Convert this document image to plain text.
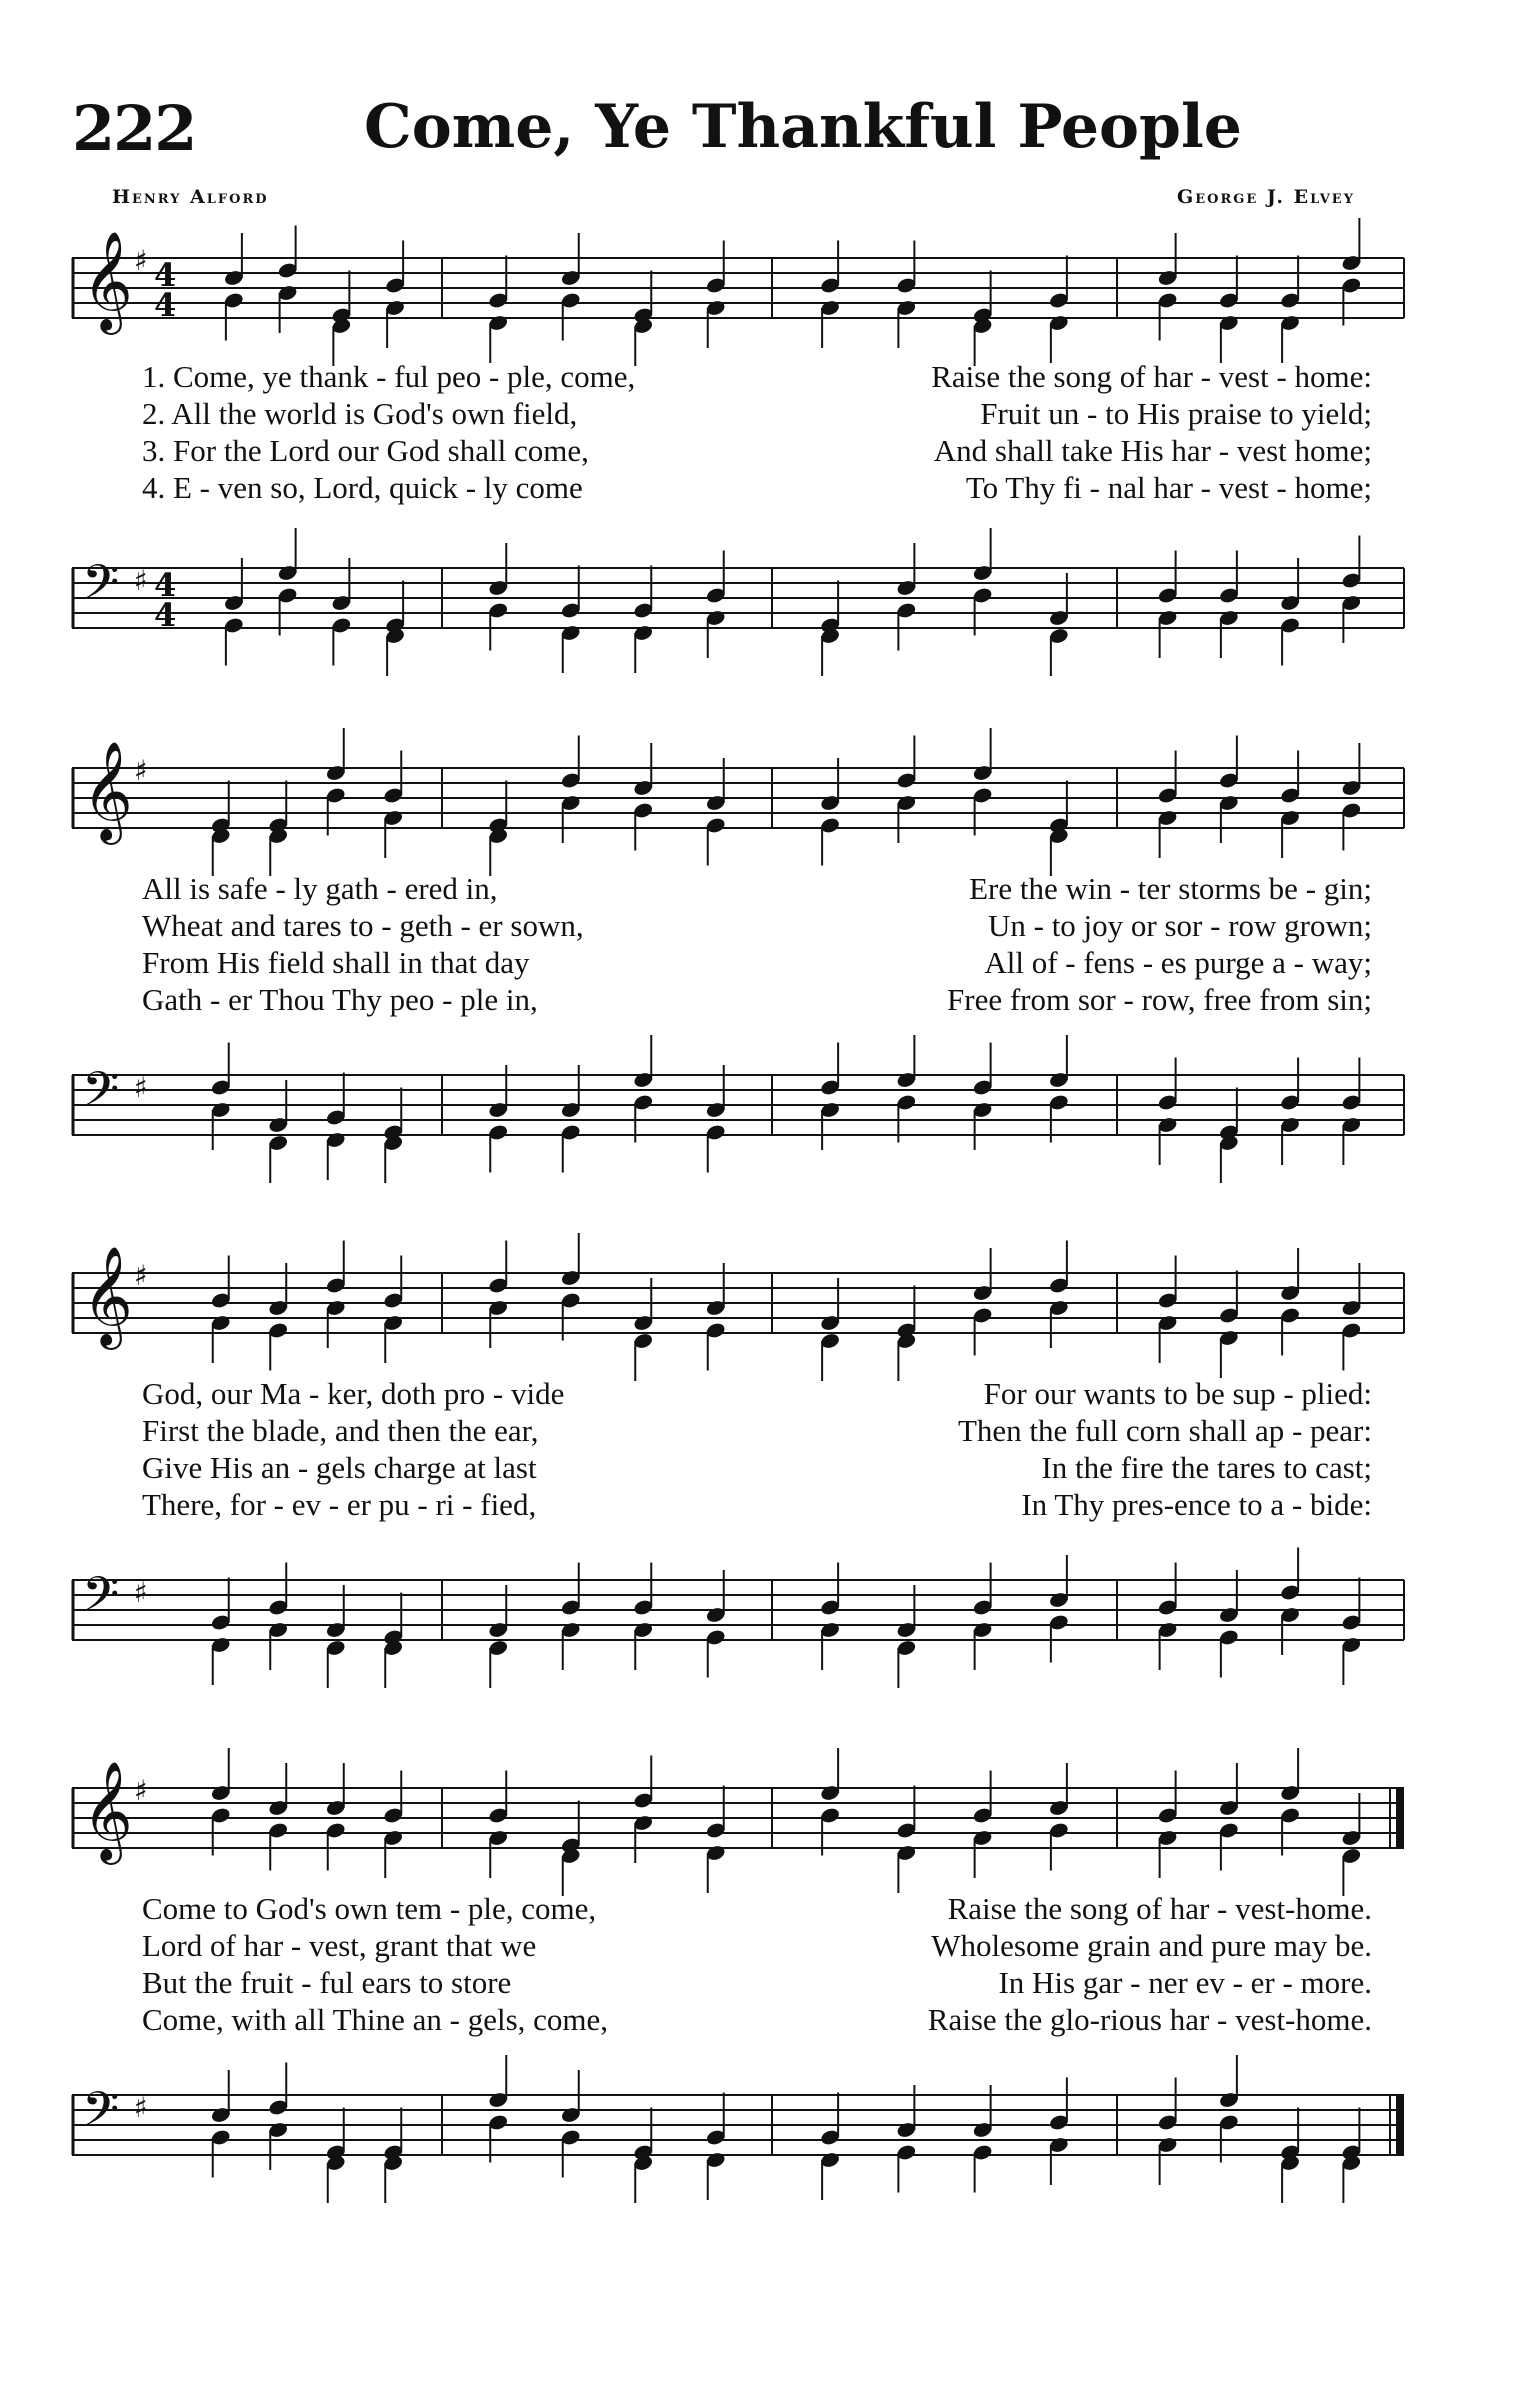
222	Come, Ye Thankful People
Henry Alford	George J. Elvey
𝄞 ♯ 4
4
1. Come, ye thank - ful peo - ple, come,	Raise the song of har - vest - home:
2. All the world is God's own field,	Fruit un - to His praise to yield;
3. For the Lord our God shall come,	And shall take His har - vest home;
4. E - ven so, Lord, quick - ly come	To Thy fi - nal har - vest - home;
𝄢 ♯ 4
4
𝄞 ♯
All is safe - ly gath - ered in,	Ere the win - ter storms be - gin;
Wheat and tares to - geth - er sown,	Un - to joy or sor - row grown;
From His field shall in that day	All of - fens - es purge a - way;
Gath - er Thou Thy peo - ple in,	Free from sor - row, free from sin;
𝄢 ♯
𝄞 ♯
God, our Ma - ker, doth pro - vide	For our wants to be sup - plied:
First the blade, and then the ear,	Then the full corn shall ap - pear:
Give His an - gels charge at last	In the fire the tares to cast;
There, for - ev - er pu - ri - fied,	In Thy pres-ence to a - bide:
𝄢 ♯
𝄞 ♯
Come to God's own tem - ple, come,	Raise the song of har - vest-home.
Lord of har - vest, grant that we	Wholesome grain and pure may be.
But the fruit - ful ears to store	In His gar - ner ev - er - more.
Come, with all Thine an - gels, come,	Raise the glo-rious har - vest-home.
𝄢 ♯
